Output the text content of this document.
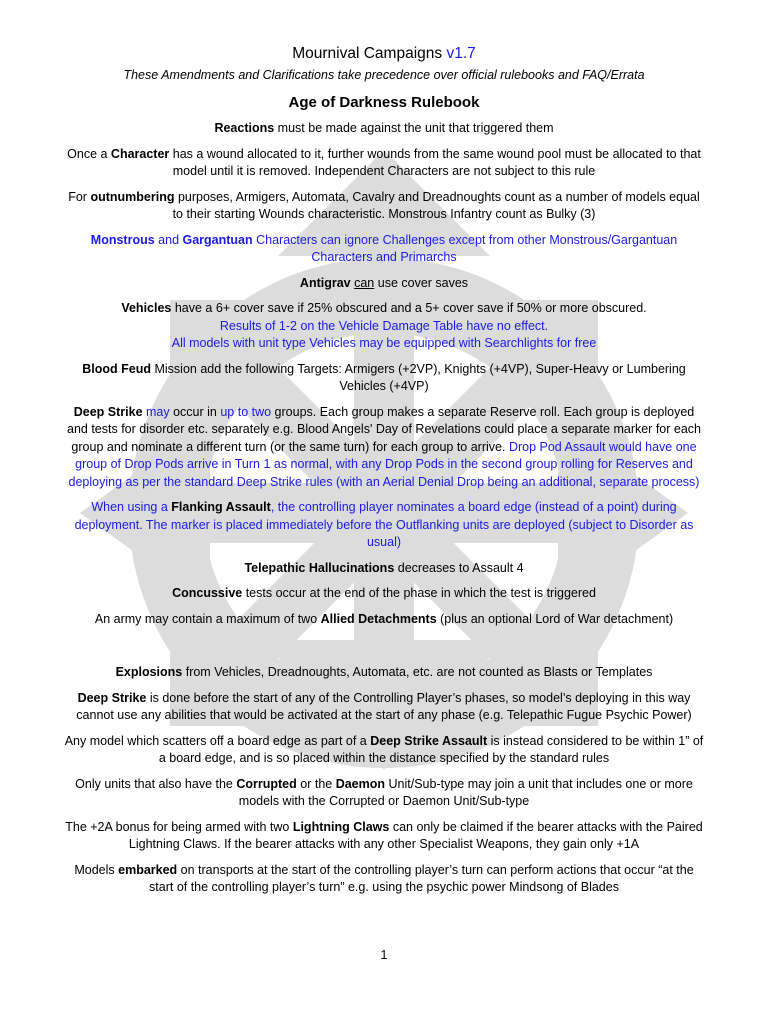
Mournival Campaigns v1.7
These Amendments and Clarifications take precedence over official rulebooks and FAQ/Errata
Age of Darkness Rulebook

Reactions must be made against the unit that triggered them

Once a Character has a wound allocated to it, further wounds from the same wound pool must be allocated to that model until it is removed. Independent Characters are not subject to this rule

For outnumbering purposes, Armigers, Automata, Cavalry and Dreadnoughts count as a number of models equal to their starting Wounds characteristic. Monstrous Infantry count as Bulky (3)

Monstrous and Gargantuan Characters can ignore Challenges except from other Monstrous/Gargantuan Characters and Primarchs

Antigrav can use cover saves

Vehicles have a 6+ cover save if 25% obscured and a 5+ cover save if 50% or more obscured.
Results of 1-2 on the Vehicle Damage Table have no effect.
All models with unit type Vehicles may be equipped with Searchlights for free

Blood Feud Mission add the following Targets: Armigers (+2VP), Knights (+4VP), Super-Heavy or Lumbering Vehicles (+4VP)

Deep Strike may occur in up to two groups. Each group makes a separate Reserve roll. Each group is deployed and tests for disorder etc. separately e.g. Blood Angels' Day of Revelations could place a separate marker for each group and nominate a different turn (or the same turn) for each group to arrive. Drop Pod Assault would have one group of Drop Pods arrive in Turn 1 as normal, with any Drop Pods in the second group rolling for Reserves and deploying as per the standard Deep Strike rules (with an Aerial Denial Drop being an additional, separate process)

When using a Flanking Assault, the controlling player nominates a board edge (instead of a point) during deployment. The marker is placed immediately before the Outflanking units are deployed (subject to Disorder as usual)

Telepathic Hallucinations decreases to Assault 4

Concussive tests occur at the end of the phase in which the test is triggered

An army may contain a maximum of two Allied Detachments (plus an optional Lord of War detachment)

Explosions from Vehicles, Dreadnoughts, Automata, etc. are not counted as Blasts or Templates

Deep Strike is done before the start of any of the Controlling Player’s phases, so model’s deploying in this way cannot use any abilities that would be activated at the start of any phase (e.g. Telepathic Fugue Psychic Power)

Any model which scatters off a board edge as part of a Deep Strike Assault is instead considered to be within 1” of a board edge, and is so placed within the distance specified by the standard rules

Only units that also have the Corrupted or the Daemon Unit/Sub-type may join a unit that includes one or more models with the Corrupted or Daemon Unit/Sub-type

The +2A bonus for being armed with two Lightning Claws can only be claimed if the bearer attacks with the Paired Lightning Claws. If the bearer attacks with any other Specialist Weapons, they gain only +1A

Models embarked on transports at the start of the controlling player’s turn can perform actions that occur “at the start of the controlling player’s turn” e.g. using the psychic power Mindsong of Blades

1
